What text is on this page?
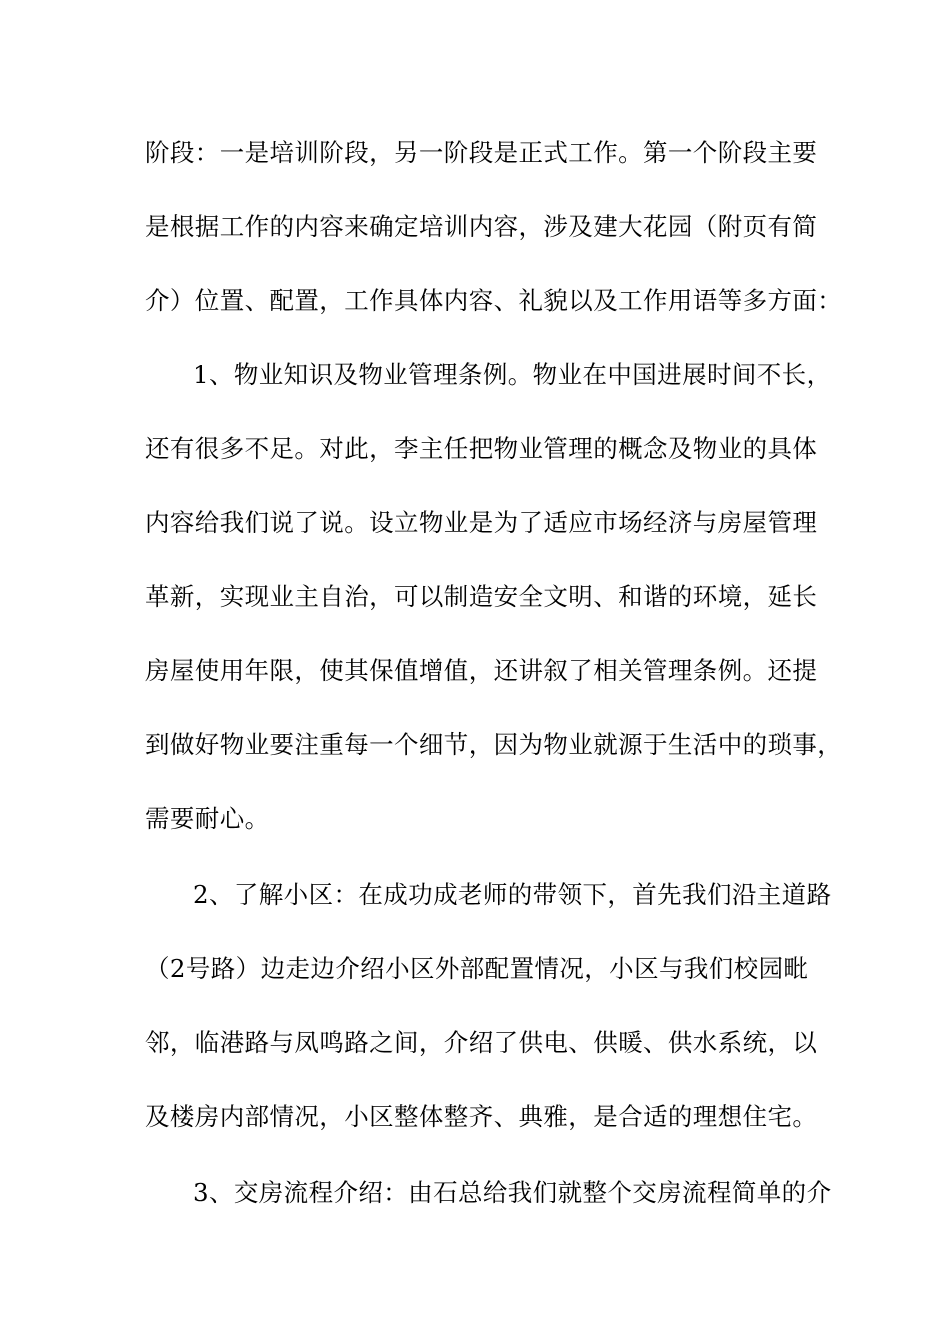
阶段：一是培训阶段，另一阶段是正式工作。第一个阶段主要
是根据工作的内容来确定培训内容，涉及建大花园（附页有简
介）位置、配置，工作具体内容、礼貌以及工作用语等多方面：
1、物业知识及物业管理条例。物业在中国进展时间不长，
还有很多不足。对此，李主任把物业管理的概念及物业的具体
内容给我们说了说。设立物业是为了适应市场经济与房屋管理
革新，实现业主自治，可以制造安全文明、和谐的环境，延长
房屋使用年限，使其保值增值，还讲叙了相关管理条例。还提
到做好物业要注重每一个细节，因为物业就源于生活中的琐事，
需要耐心。
2、了解小区：在成功成老师的带领下，首先我们沿主道路
（2号路）边走边介绍小区外部配置情况，小区与我们校园毗
邻，临港路与凤鸣路之间，介绍了供电、供暖、供水系统，以
及楼房内部情况，小区整体整齐、典雅，是合适的理想住宅。
3、交房流程介绍：由石总给我们就整个交房流程简单的介
